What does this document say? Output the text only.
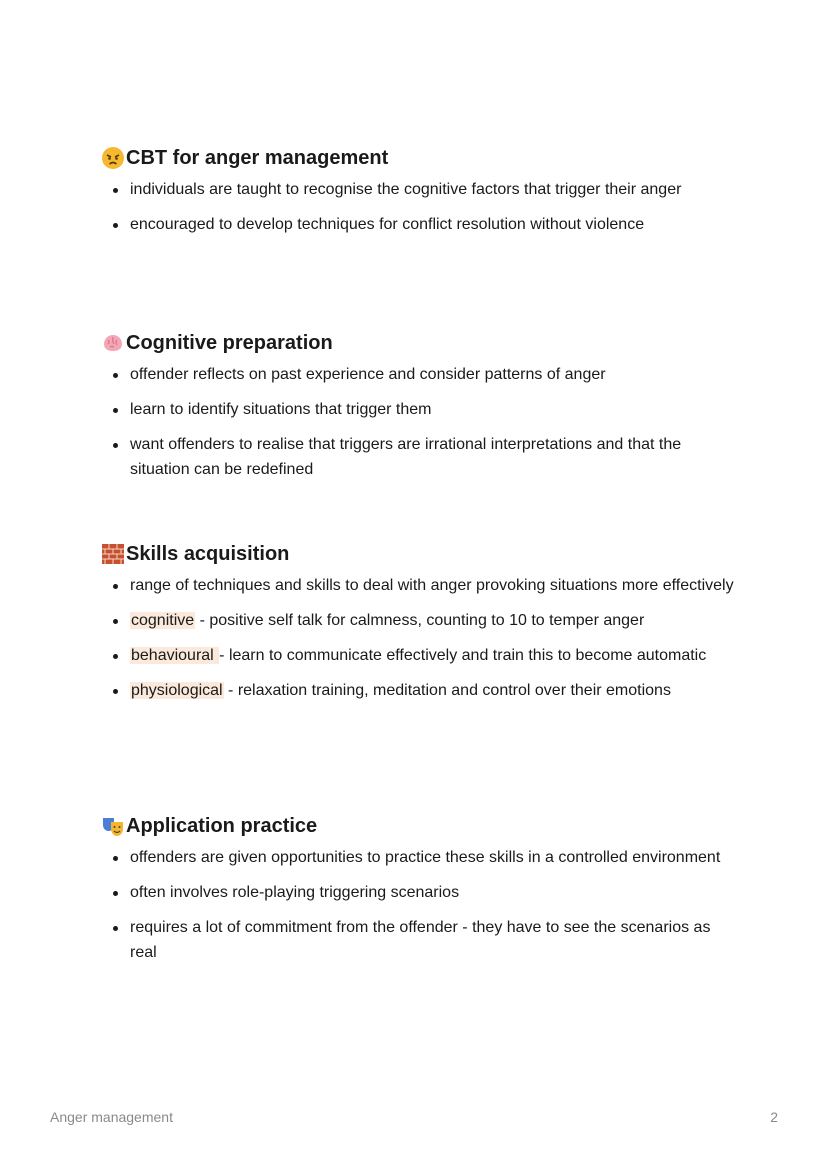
CBT for anger management
individuals are taught to recognise the cognitive factors that trigger their anger
encouraged to develop techniques for conflict resolution without violence
Cognitive preparation
offender reflects on past experience and consider patterns of anger
learn to identify situations that trigger them
want offenders to realise that triggers are irrational interpretations and that the situation can be redefined
Skills acquisition
range of techniques and skills to deal with anger provoking situations more effectively
cognitive - positive self talk for calmness, counting to 10 to temper anger
behavioural - learn to communicate effectively and train this to become automatic
physiological - relaxation training, meditation and control over their emotions
Application practice
offenders are given opportunities to practice these skills in a controlled environment
often involves role-playing triggering scenarios
requires a lot of commitment from the offender - they have to see the scenarios as real
Anger management	2
